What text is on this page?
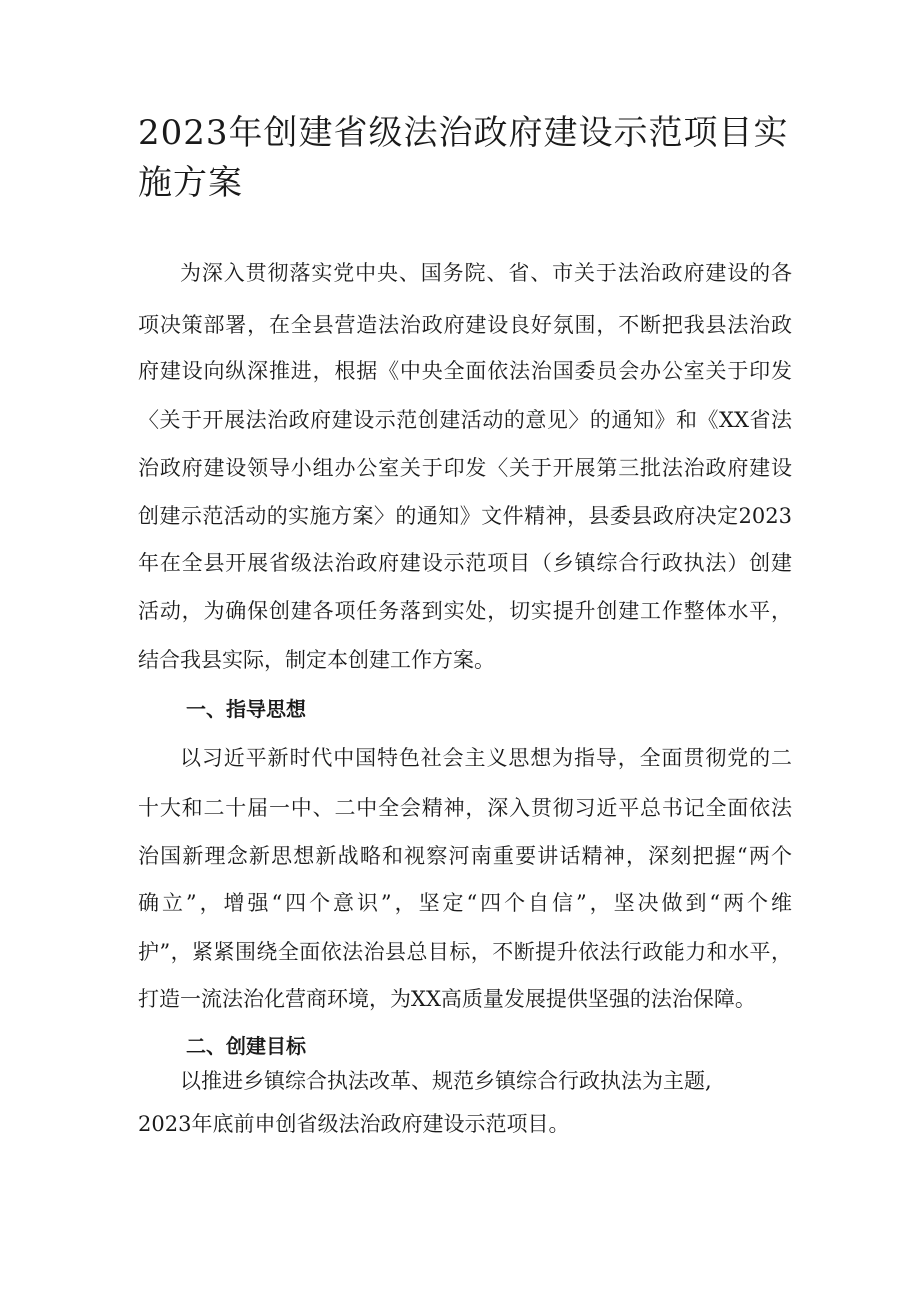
2023年创建省级法治政府建设示范项目实
施方案

为深入贯彻落实党中央、国务院、省、市关于法治政府建设的各

项决策部署，在全县营造法治政府建设良好氛围，不断把我县法治政

府建设向纵深推进，根据《中央全面依法治国委员会办公室关于印发

〈关于开展法治政府建设示范创建活动的意见〉的通知》和《XX省法

治政府建设领导小组办公室关于印发〈关于开展第三批法治政府建设

创建示范活动的实施方案〉的通知》文件精神，县委县政府决定2023

年在全县开展省级法治政府建设示范项目（乡镇综合行政执法）创建

活动，为确保创建各项任务落到实处，切实提升创建工作整体水平，

结合我县实际，制定本创建工作方案。

一、指导思想

以习近平新时代中国特色社会主义思想为指导，全面贯彻党的二

十大和二十届一中、二中全会精神，深入贯彻习近平总书记全面依法

治国新理念新思想新战略和视察河南重要讲话精神，深刻把握“两个

确立”，增强“四个意识”，坚定“四个自信”，坚决做到“两个维

护”，紧紧围绕全面依法治县总目标，不断提升依法行政能力和水平，

打造一流法治化营商环境，为XX高质量发展提供坚强的法治保障。

二、创建目标

以推进乡镇综合执法改革、规范乡镇综合行政执法为主题,

2023年底前申创省级法治政府建设示范项目。
